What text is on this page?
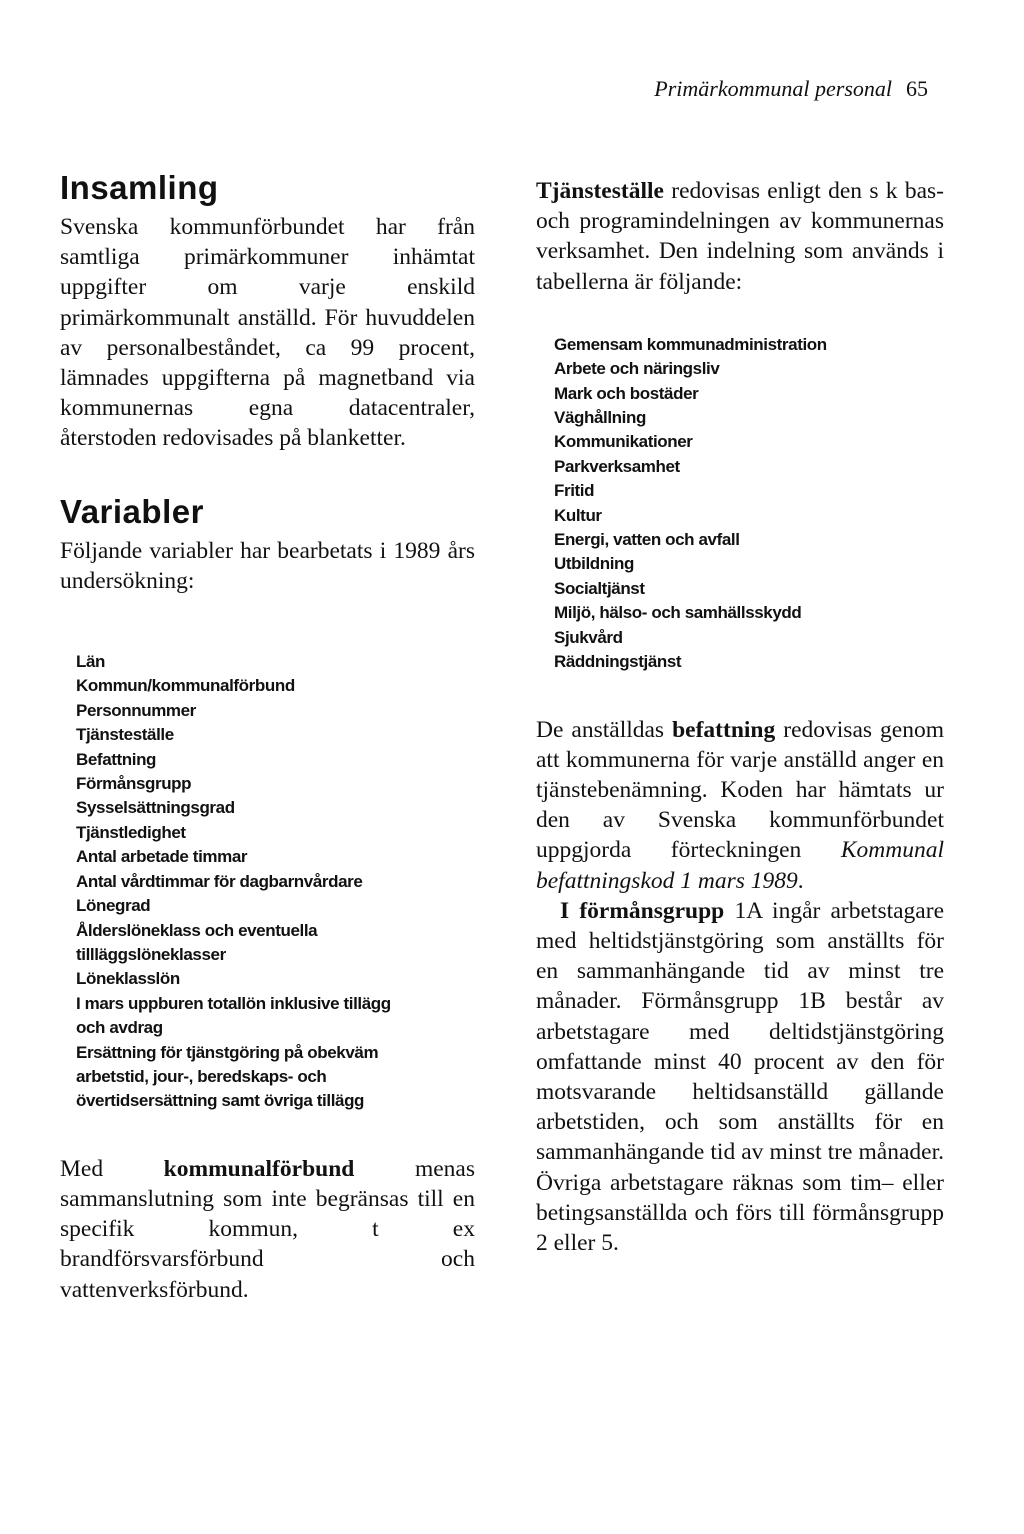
Primärkommunal personal 65
Insamling

Svenska kommunförbundet har från samtliga primärkommuner inhämtat uppgifter om varje enskild primärkommunalt anställd. För huvuddelen av personalbeståndet, ca 99 procent, lämnades uppgifterna på magnetband via kommunernas egna datacentraler, återstoden redovisades på blanketter.

Variabler

Följande variabler har bearbetats i 1989 års undersökning:

Län
Kommun/kommunalförbund
Personnummer
Tjänsteställe
Befattning
Förmånsgrupp
Sysselsättningsgrad
Tjänstledighet
Antal arbetade timmar
Antal vårdtimmar för dagbarnvårdare
Lönegrad
Ålderslöneklass och eventuella tillläggslöneklasser
Löneklasslön
I mars uppburen totallön inklusive tillägg och avdrag
Ersättning för tjänstgöring på obekväm arbetstid, jour-, beredskaps- och övertidsersättning samt övriga tillägg

Med kommunalförbund menas sammanslutning som inte begränsas till en specifik kommun, t ex brandförsvarsförbund och vattenverksförbund.

Tjänsteställe redovisas enligt den s k bas- och programindelningen av kommunernas verksamhet. Den indelning som används i tabellerna är följande:

Gemensam kommunadministration
Arbete och näringsliv
Mark och bostäder
Väghållning
Kommunikationer
Parkverksamhet
Fritid
Kultur
Energi, vatten och avfall
Utbildning
Socialtjänst
Miljö, hälso- och samhällsskydd
Sjukvård
Räddningstjänst

De anställdas befattning redovisas genom att kommunerna för varje anställd anger en tjänstebenämning. Koden har hämtats ur den av Svenska kommunförbundet uppgjorda förteckningen Kommunal befattningskod 1 mars 1989.

I förmånsgrupp 1A ingår arbetstagare med heltidstjänstgöring som anställts för en sammanhängande tid av minst tre månader. Förmånsgrupp 1B består av arbetstagare med deltidstjänstgöring omfattande minst 40 procent av den för motsvarande heltidsanställd gällande arbetstiden, och som anställts för en sammanhängande tid av minst tre månader. Övriga arbetstagare räknas som tim– eller betingsanställda och förs till förmånsgrupp 2 eller 5.
